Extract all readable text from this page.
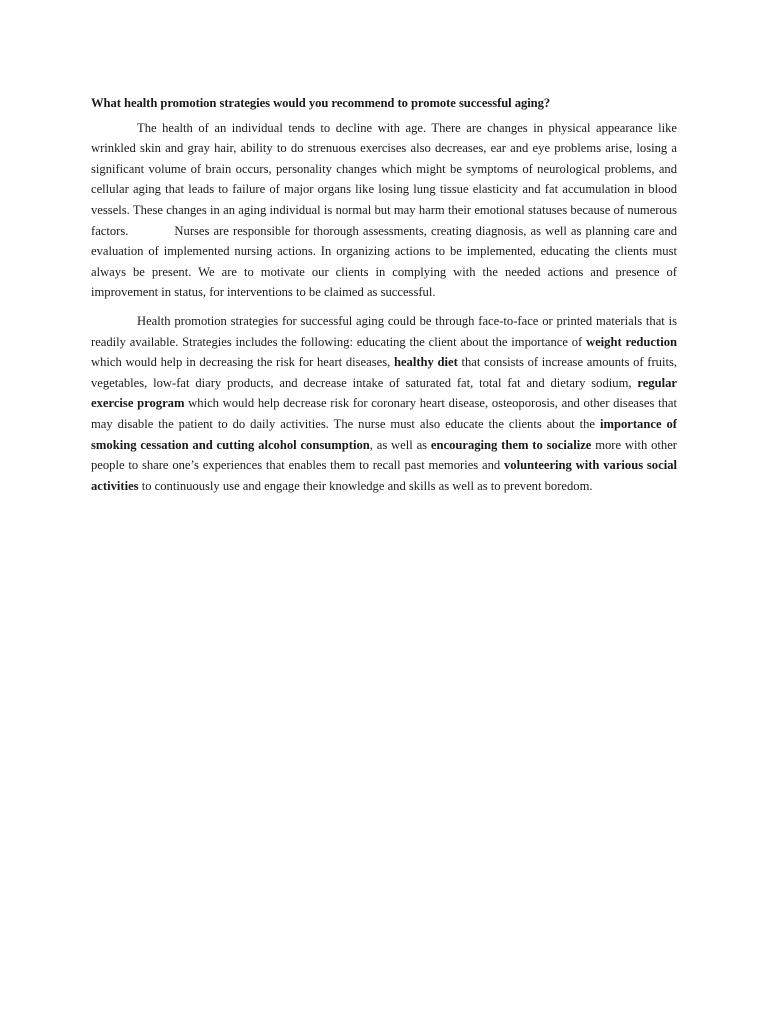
What health promotion strategies would you recommend to promote successful aging?

The health of an individual tends to decline with age. There are changes in physical appearance like wrinkled skin and gray hair, ability to do strenuous exercises also decreases, ear and eye problems arise, losing a significant volume of brain occurs, personality changes which might be symptoms of neurological problems, and cellular aging that leads to failure of major organs like losing lung tissue elasticity and fat accumulation in blood vessels. These changes in an aging individual is normal but may harm their emotional statuses because of numerous factors.	Nurses are responsible for thorough assessments, creating diagnosis, as well as planning care and evaluation of implemented nursing actions. In organizing actions to be implemented, educating the clients must always be present. We are to motivate our clients in complying with the needed actions and presence of improvement in status, for interventions to be claimed as successful.

Health promotion strategies for successful aging could be through face-to-face or printed materials that is readily available. Strategies includes the following: educating the client about the importance of weight reduction which would help in decreasing the risk for heart diseases, healthy diet that consists of increase amounts of fruits, vegetables, low-fat diary products, and decrease intake of saturated fat, total fat and dietary sodium, regular exercise program which would help decrease risk for coronary heart disease, osteoporosis, and other diseases that may disable the patient to do daily activities. The nurse must also educate the clients about the importance of smoking cessation and cutting alcohol consumption, as well as encouraging them to socialize more with other people to share one’s experiences that enables them to recall past memories and volunteering with various social activities to continuously use and engage their knowledge and skills as well as to prevent boredom.
